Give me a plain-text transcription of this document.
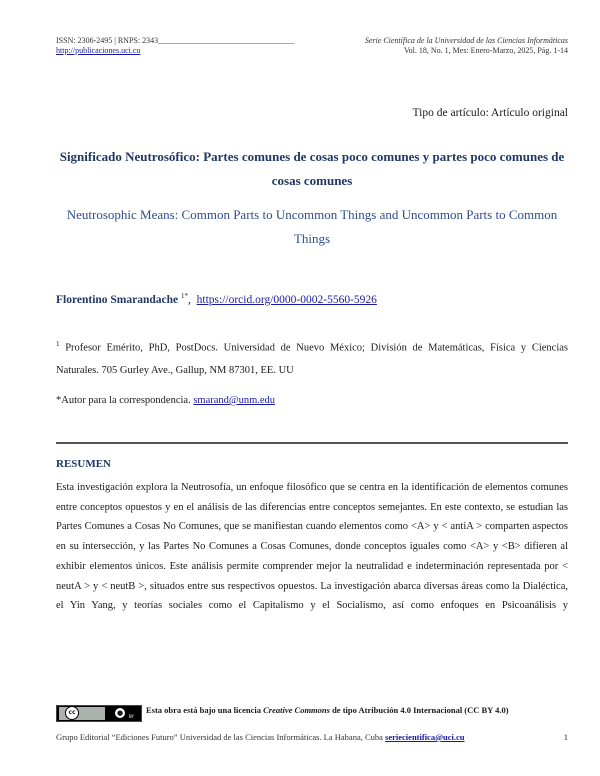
ISSN: 2306-2495 | RNPS: 2343__________________________________	Serie Científica de la Universidad de las Ciencias Informáticas
http://publicaciones.uci.cu	Vol. 18, No. 1, Mes: Enero-Marzo, 2025, Pág. 1-14
Tipo de artículo: Artículo original
Significado Neutrosófico: Partes comunes de cosas poco comunes y partes poco comunes de cosas comunes
Neutrosophic Means: Common Parts to Uncommon Things and Uncommon Parts to Common Things
Florentino Smarandache $^{1*}$,  https://orcid.org/0000-0002-5560-5926
$^1$ Profesor Emérito, PhD, PostDocs. Universidad de Nuevo México; División de Matemáticas, Física y Ciencias Naturales. 705 Gurley Ave., Gallup, NM 87301, EE. UU
*Autor para la correspondencia. smarand@unm.edu
RESUMEN
Esta investigación explora la Neutrosofía, un enfoque filosófico que se centra en la identificación de elementos comunes entre conceptos opuestos y en el análisis de las diferencias entre conceptos semejantes. En este contexto, se estudian las Partes Comunes a Cosas No Comunes, que se manifiestan cuando elementos como <A> y < antiA > comparten aspectos en su intersección, y las Partes No Comunes a Cosas Comunes, donde conceptos iguales como <A> y <B> difieren al exhibir elementos únicos. Este análisis permite comprender mejor la neutralidad e indeterminación representada por < neutA > y < neutB >, situados entre sus respectivos opuestos. La investigación abarca diversas áreas como la Dialéctica, el Yin Yang, y teorías sociales como el Capitalismo y el Socialismo, así como enfoques en Psicoanálisis y
cc	●	BY
Esta obra está bajo una licencia Creative Commons de tipo Atribución 4.0 Internacional (CC BY 4.0)
Grupo Editorial “Ediciones Futuro” Universidad de las Ciencias Informáticas. La Habana, Cuba seriecientifica@uci.cu	1
